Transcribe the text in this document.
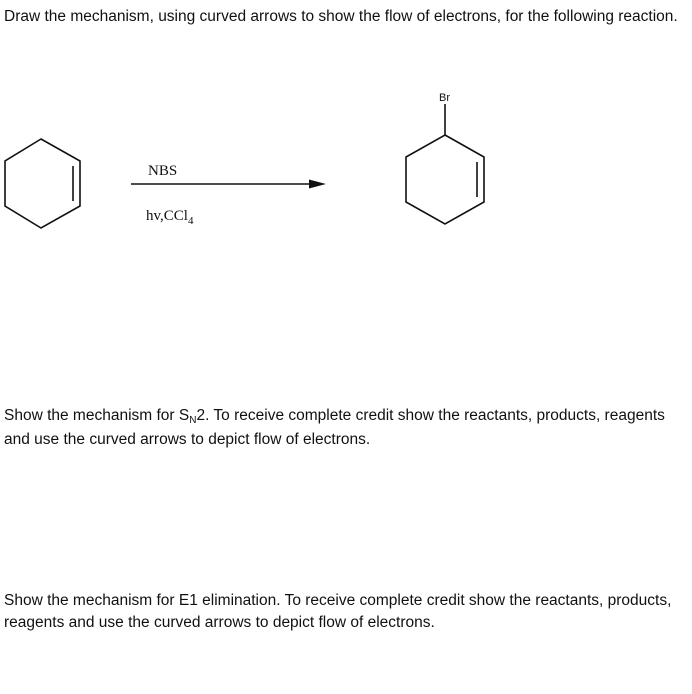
Draw the mechanism, using curved arrows to show the flow of electrons, for the following reaction.

NBS
hv,CCl$_4$
Br

Show the mechanism for SN2. To receive complete credit show the reactants, products, reagents and use the curved arrows to depict flow of electrons.

Show the mechanism for E1 elimination. To receive complete credit show the reactants, products, reagents and use the curved arrows to depict flow of electrons.
